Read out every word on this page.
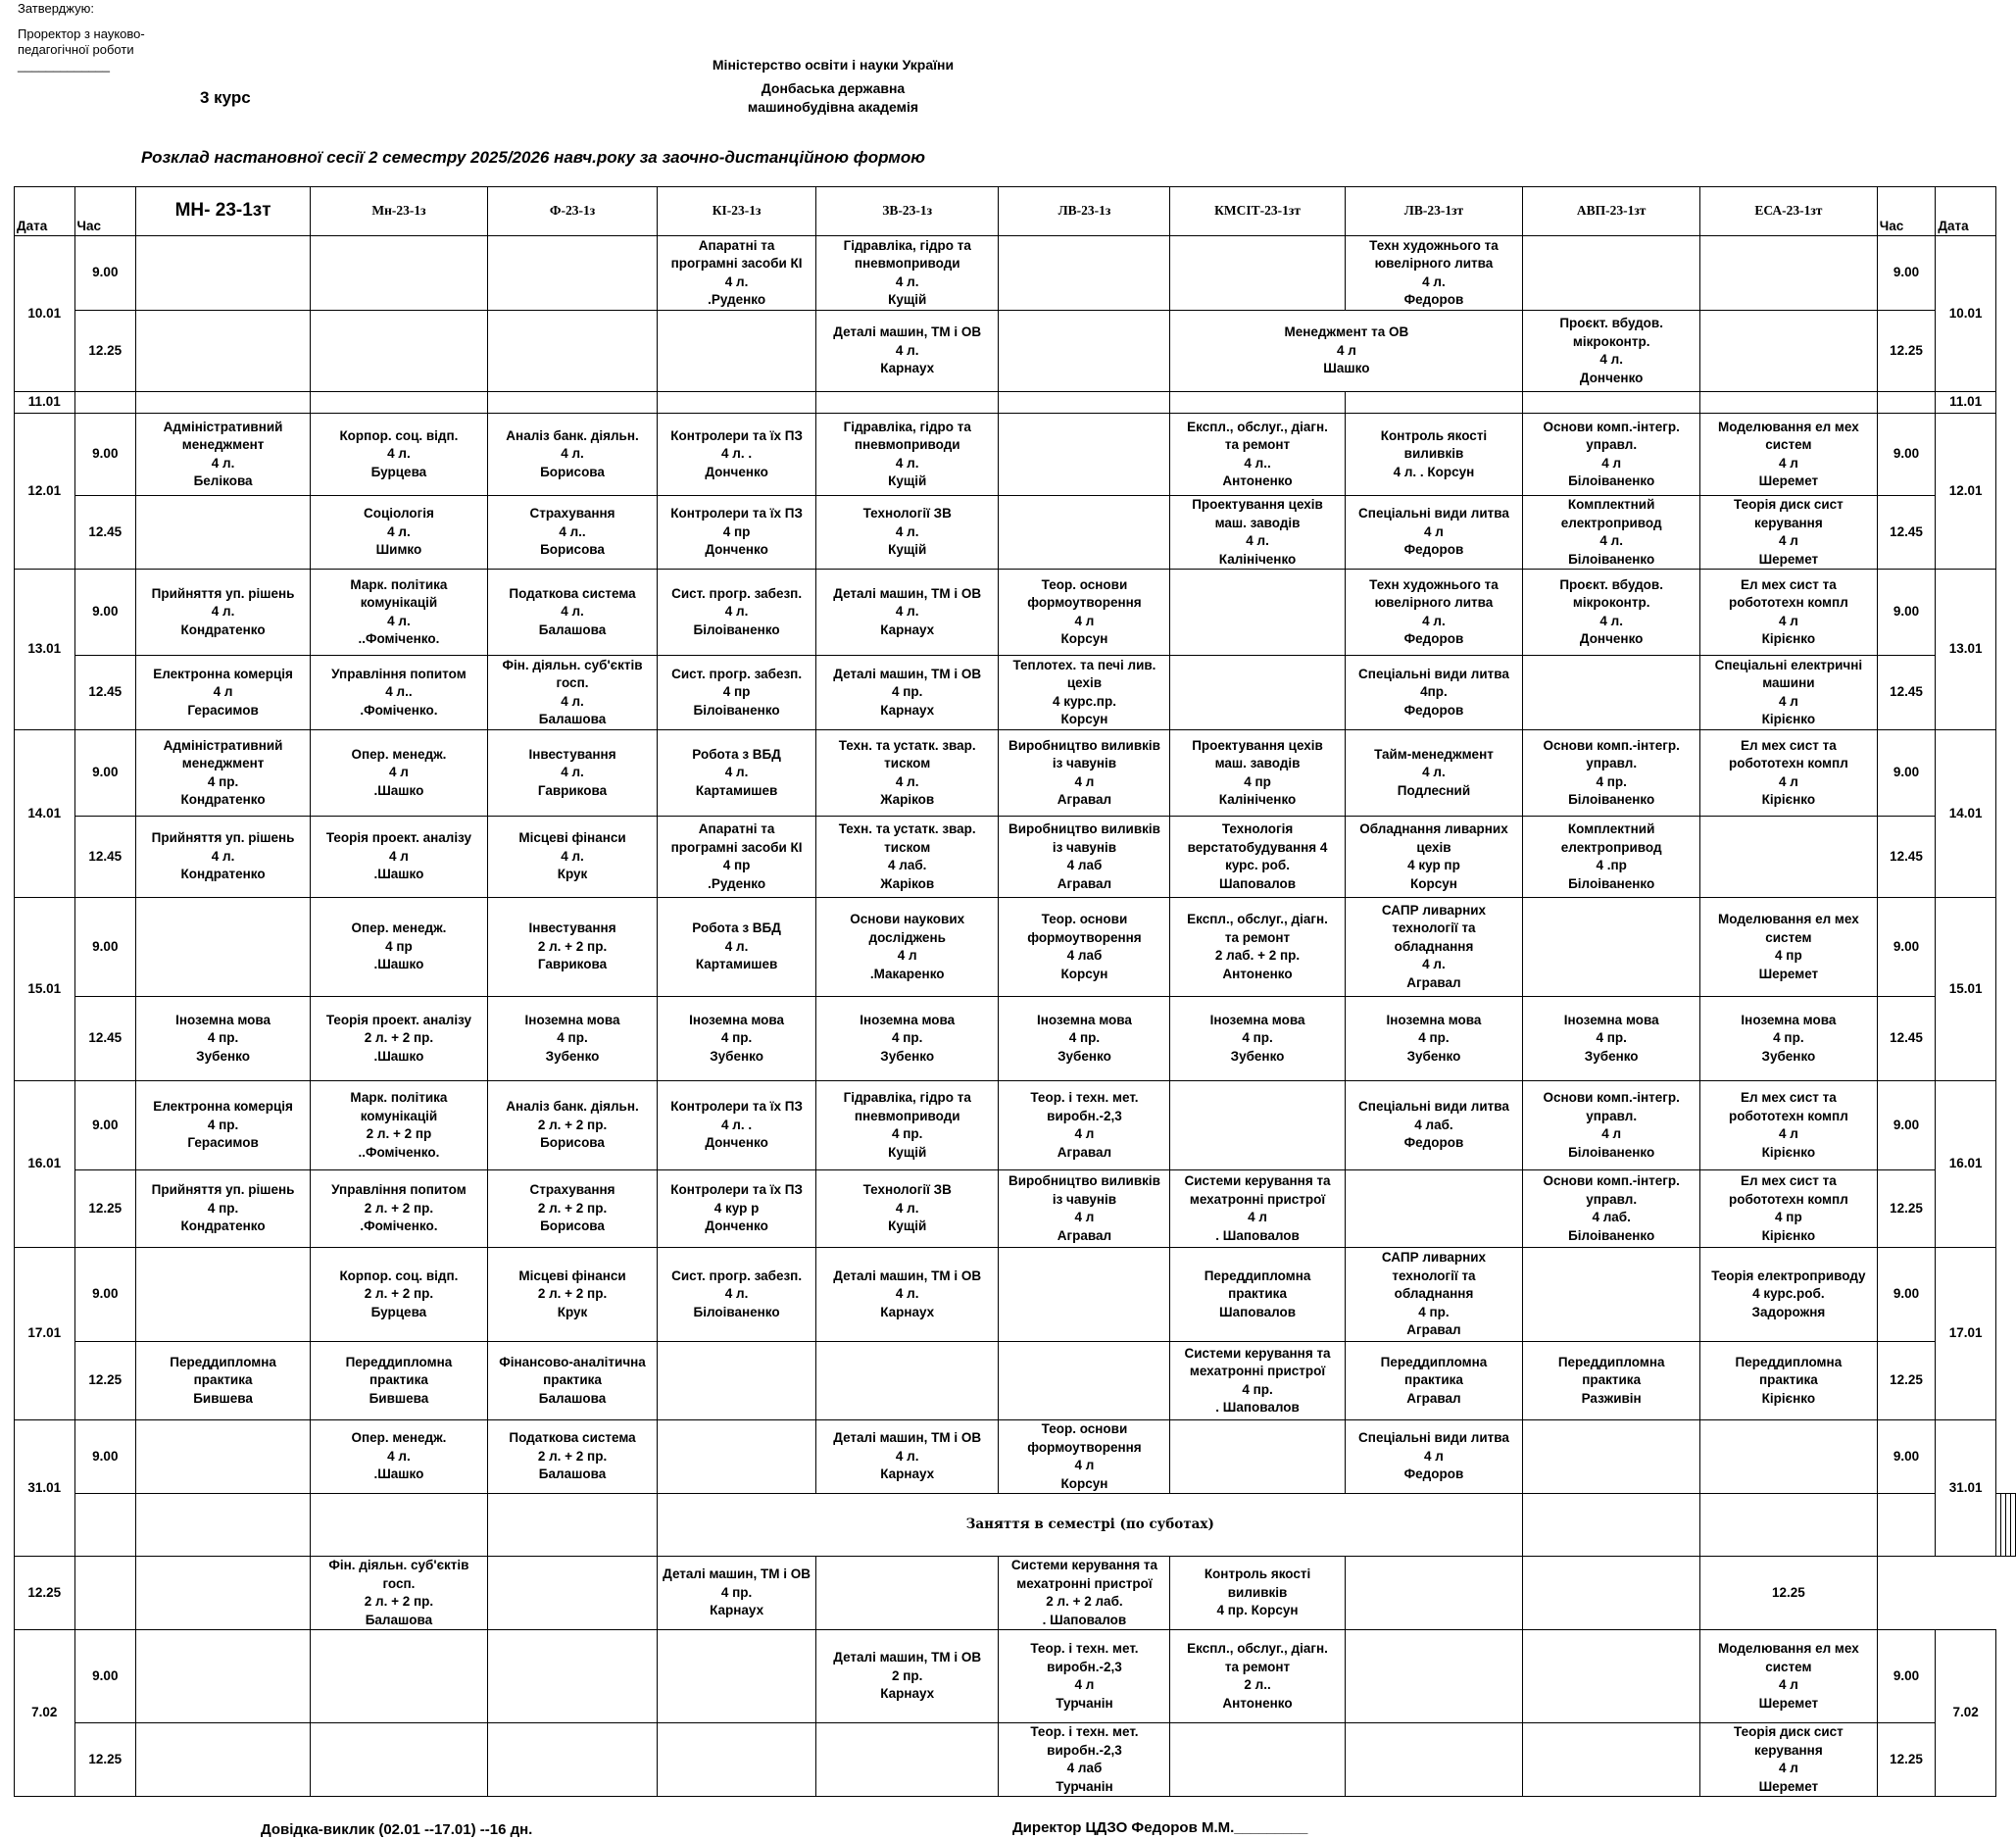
Затверджую:
Проректор з науково-
педагогічної роботи
_____________
3 курс
Міністерство освіти і науки України
Донбаська державна
машинобудівна академія
Розклад настановної сесії 2 семестру 2025/2026 навч.року за заочно-дистанційною формою
Дата	Час	МН- 23-1зт	Мн-23-1з	Ф-23-1з	КІ-23-1з	ЗВ-23-1з	ЛВ-23-1з	КМСІТ-23-1зт	ЛВ-23-1зт	АВП-23-1зт	ЕСА-23-1зт	Час	Дата				
10.01	9.00				Апаратні та
програмні засоби КІ
4 л.
.Руденко	Гідравліка, гідро та
пневмоприводи
4 л.
Кущій			Техн художнього та
ювелірного литва
4 л.
Федоров			9.00	10.01				
	12.25					Деталі машин, ТМ і ОВ
4 л.
Карнаух		Менеджмент та ОВ
4 л
Шашко		Проєкт. вбудов.
мікроконтр.
4 л.
Донченко		12.25					
11.01													11.01				
12.01	9.00	Адміністративний
менеджмент
4 л.
Белікова	Корпор. соц. відп.
4 л.
Бурцева	Аналіз банк. діяльн.
4 л.
Борисова	Контролери та їх ПЗ
4 л. .
Донченко	Гідравліка, гідро та
пневмоприводи
4 л.
Кущій		Експл., обслуг., діагн.
та ремонт
4 л..
Антоненко	Контроль якості
виливків
4 л. . Корсун	Основи комп.-інтегр.
управл.
4 л
Білоіваненко	Моделювання ел мех
систем
4 л
Шеремет	9.00	12.01				
	12.45		Соціологія
4 л.
Шимко	Страхування
4 л..
Борисова	Контролери та їх ПЗ
4 пр
Донченко	Технології ЗВ
4 л.
Кущій		Проектування цехів
маш. заводів
4 л.
Калініченко	Спеціальні види литва
4 л
Федоров	Комплектний
електропривод
4 л.
Білоіваненко	Теорія диск сист
керування
4 л
Шеремет	12.45					
13.01	9.00	Прийняття уп. рішень
4 л.
Кондратенко	Марк. політика
комунікацій
4 л.
..Фоміченко.	Податкова система
4 л.
Балашова	Сист. прогр. забезп.
4 л.
Білоіваненко	Деталі машин, ТМ і ОВ
4 л.
Карнаух	Теор. основи
формоутворення
4 л
Корсун		Техн художнього та
ювелірного литва
4 л.
Федоров	Проєкт. вбудов.
мікроконтр.
4 л.
Донченко	Ел мех сист та
робототехн компл
4 л
Кірієнко	9.00	13.01				
	12.45	Електронна комерція
4 л
Герасимов	Управління попитом
4 л..
.Фоміченко.	Фін. діяльн. суб'єктів
госп.
4 л.
Балашова	Сист. прогр. забезп.
4 пр
Білоіваненко	Деталі машин, ТМ і ОВ
4 пр.
Карнаух	Теплотех. та печі лив.
цехів
4 курс.пр.
Корсун		Спеціальні види литва
4пр.
Федоров		Спеціальні електричні
машини
4 л
Кірієнко	12.45					
14.01	9.00	Адміністративний
менеджмент
4 пр.
Кондратенко	Опер. менедж.
4 л
.Шашко	Інвестування
4 л.
Гаврикова	Робота з ВБД
4 л.
Картамишев	Техн. та устатк. звар.
тиском
4 л.
Жаріков	Виробництво виливків
із чавунів
4 л
Агравал	Проектування цехів
маш. заводів
4 пр
Калініченко	Тайм-менеджмент
4 л.
Подлесний	Основи комп.-інтегр.
управл.
4 пр.
Білоіваненко	Ел мех сист та
робототехн компл
4 л
Кірієнко	9.00	14.01				
	12.45	Прийняття уп. рішень
4 л.
Кондратенко	Теорія проект. аналізу
4 л
.Шашко	Місцеві фінанси
4 л.
Крук	Апаратні та
програмні засоби КІ
4 пр
.Руденко	Техн. та устатк. звар.
тиском
4 лаб.
Жаріков	Виробництво виливків
із чавунів
4 лаб
Агравал	Технологія
верстатобудування 4
курс. роб.
Шаповалов	Обладнання ливарних
цехів
4 кур пр
Корсун	Комплектний
електропривод
4 .пр
Білоіваненко		12.45					
15.01	9.00		Опер. менедж.
4 пр
.Шашко	Інвестування
2 л. + 2 пр.
Гаврикова	Робота з ВБД
4 л.
Картамишев	Основи наукових
досліджень
4 л
.Макаренко	Теор. основи
формоутворення
4 лаб
Корсун	Експл., обслуг., діагн.
та ремонт
2 лаб. + 2 пр.
Антоненко	САПР ливарних
технології та
обладнання
4 л.
Агравал		Моделювання ел мех
систем
4 пр
Шеремет	9.00	15.01				
	12.45	Іноземна мова
4 пр.
Зубенко	Теорія проект. аналізу
2 л. + 2 пр.
.Шашко	Іноземна мова
4 пр.
Зубенко	Іноземна мова
4 пр.
Зубенко	Іноземна мова
4 пр.
Зубенко	Іноземна мова
4 пр.
Зубенко	Іноземна мова
4 пр.
Зубенко	Іноземна мова
4 пр.
Зубенко	Іноземна мова
4 пр.
Зубенко	Іноземна мова
4 пр.
Зубенко	12.45					
16.01	9.00	Електронна комерція
4 пр.
Герасимов	Марк. політика
комунікацій
2 л. + 2 пр
..Фоміченко.	Аналіз банк. діяльн.
2 л. + 2 пр.
Борисова	Контролери та їх ПЗ
4 л. .
Донченко	Гідравліка, гідро та
пневмоприводи
4 пр.
Кущій	Теор. і техн. мет.
виробн.-2,3
4 л
Агравал		Спеціальні види литва
4 лаб.
Федоров	Основи комп.-інтегр.
управл.
4 л
Білоіваненко	Ел мех сист та
робототехн компл
4 л
Кірієнко	9.00	16.01				
	12.25	Прийняття уп. рішень
4 пр.
Кондратенко	Управління попитом
2 л. + 2 пр.
.Фоміченко.	Страхування
2 л. + 2 пр.
Борисова	Контролери та їх ПЗ
4 кур р
Донченко	Технології ЗВ
4 л.
Кущій	Виробництво виливків
із чавунів
4 л
Агравал	Системи керування та
мехатронні пристрої
4 л
. Шаповалов		Основи комп.-інтегр.
управл.
4 лаб.
Білоіваненко	Ел мех сист та
робототехн компл
4 пр
Кірієнко	12.25					
17.01	9.00		Корпор. соц. відп.
2 л. + 2 пр.
Бурцева	Місцеві фінанси
2 л. + 2 пр.
Крук	Сист. прогр. забезп.
4 л.
Білоіваненко	Деталі машин, ТМ і ОВ
4 л.
Карнаух		Переддипломна
практика
Шаповалов	САПР ливарних
технології та
обладнання
4 пр.
Агравал		Теорія електроприводу
4 курс.роб.
Задорожня	9.00	17.01				
	12.25	Переддипломна
практика
Бившева	Переддипломна
практика
Бившева	Фінансово-аналітична
практика
Балашова				Системи керування та
мехатронні пристрої
4 пр.
. Шаповалов	Переддипломна
практика
Агравал	Переддипломна
практика
Разживін	Переддипломна
практика
Кірієнко	12.25					
31.01	9.00		Опер. менедж.
4 л.
.Шашко	Податкова система
2 л. + 2 пр.
Балашова		Деталі машин, ТМ і ОВ
4 л.
Карнаух	Теор. основи
формоутворення
4 л
Корсун		Спеціальні види литва
4 л
Федоров			9.00	31.01				
					Заняття в семестрі (по суботах)												
12.25			Фін. діяльн. суб'єктів
госп.
2 л. + 2 пр.
Балашова		Деталі машин, ТМ і ОВ
4 пр.
Карнаух		Системи керування та
мехатронні пристрої
2 л. + 2 лаб.
. Шаповалов	Контроль якості
виливків
4 пр. Корсун			12.25						
7.02	9.00					Деталі машин, ТМ і ОВ
2 пр.
Карнаух	Теор. і техн. мет.
виробн.-2,3
4 л
Турчанін	Експл., обслуг., діагн.
та ремонт
2 л..
Антоненко			Моделювання ел мех
систем
4 л
Шеремет	9.00	7.02				
	12.25						Теор. і техн. мет.
виробн.-2,3
4 лаб
Турчанін				Теорія диск сист
керування
4 л
Шеремет	12.25					
Довідка-виклик (02.01 --17.01) --16 дн.	Директор ЦДЗО Федоров М.М._________
